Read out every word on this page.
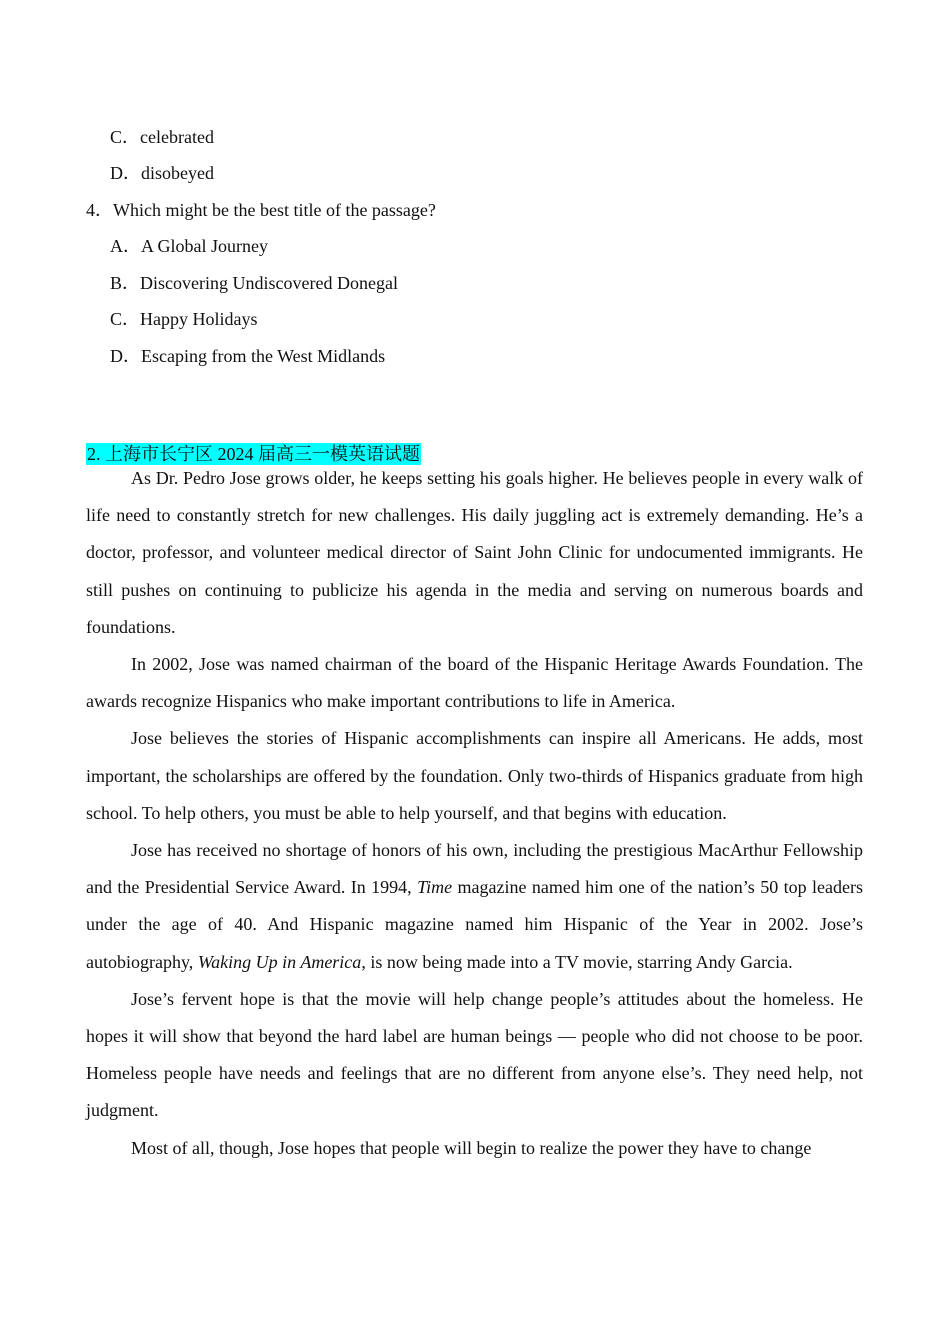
C．celebrated
D．disobeyed
4．Which might be the best title of the passage?
A．A Global Journey
B．Discovering Undiscovered Donegal
C．Happy Holidays
D．Escaping from the West Midlands
2. 上海市长宁区 2024 届高三一模英语试题

As Dr. Pedro Jose grows older, he keeps setting his goals higher. He believes people in every walk of life need to constantly stretch for new challenges. His daily juggling act is extremely demanding. He’s a doctor, professor, and volunteer medical director of Saint John Clinic for undocumented immigrants. He still pushes on continuing to publicize his agenda in the media and serving on numerous boards and foundations.

In 2002, Jose was named chairman of the board of the Hispanic Heritage Awards Foundation. The awards recognize Hispanics who make important contributions to life in America.

Jose believes the stories of Hispanic accomplishments can inspire all Americans. He adds, most important, the scholarships are offered by the foundation. Only two-thirds of Hispanics graduate from high school. To help others, you must be able to help yourself, and that begins with education.

Jose has received no shortage of honors of his own, including the prestigious MacArthur Fellowship and the Presidential Service Award. In 1994, Time magazine named him one of the nation’s 50 top leaders under the age of 40. And Hispanic magazine named him Hispanic of the Year in 2002. Jose’s autobiography, Waking Up in America, is now being made into a TV movie, starring Andy Garcia.

Jose’s fervent hope is that the movie will help change people’s attitudes about the homeless. He hopes it will show that beyond the hard label are human beings — people who did not choose to be poor. Homeless people have needs and feelings that are no different from anyone else’s. They need help, not judgment.

Most of all, though, Jose hopes that people will begin to realize the power they have to change
